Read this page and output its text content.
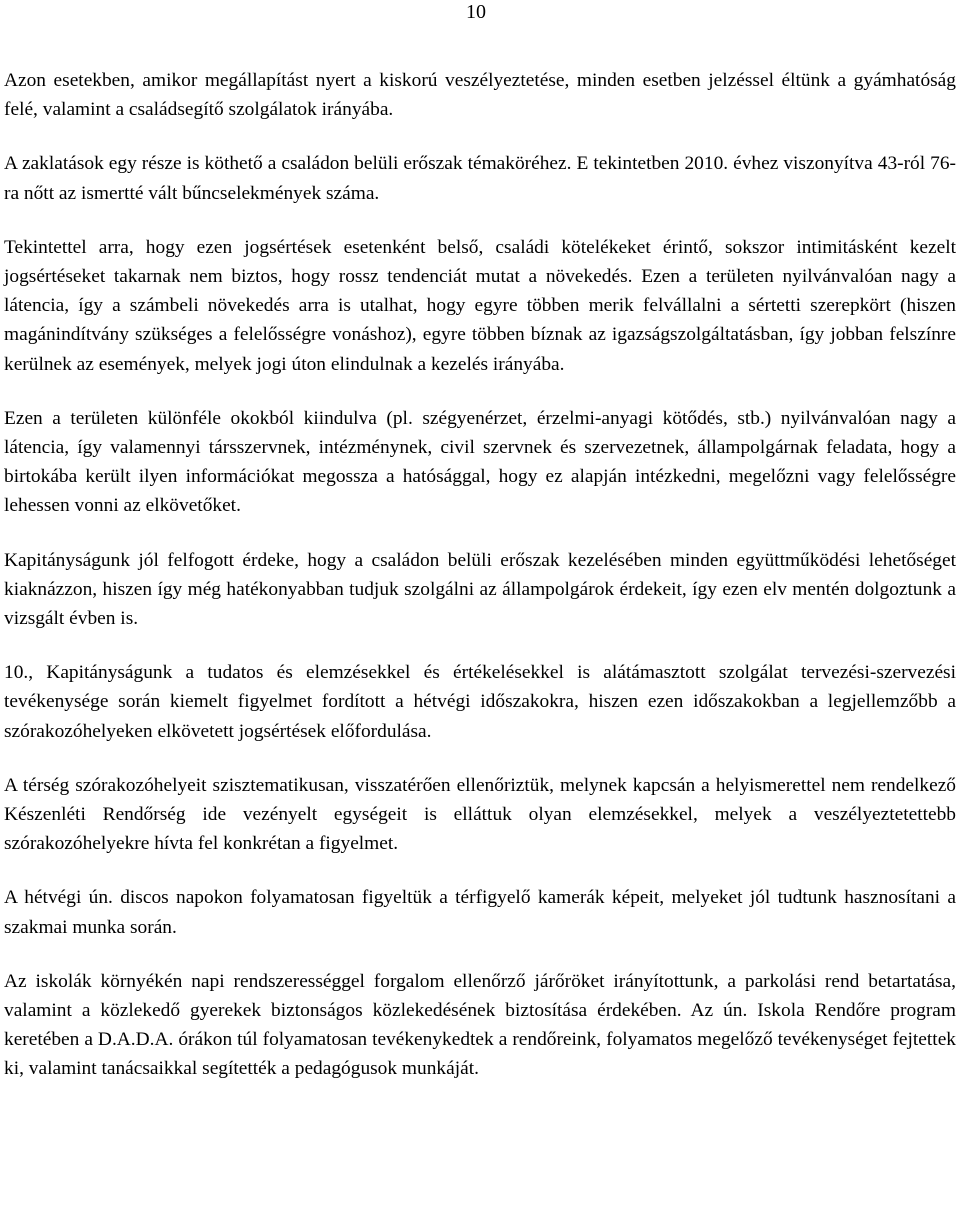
10

Azon esetekben, amikor megállapítást nyert a kiskorú veszélyeztetése, minden esetben jelzéssel éltünk a gyámhatóság felé, valamint a családsegítő szolgálatok irányába.

A zaklatások egy része is köthető a családon belüli erőszak témaköréhez. E tekintetben 2010. évhez viszonyítva 43-ról 76-ra nőtt az ismertté vált bűncselekmények száma.

Tekintettel arra, hogy ezen jogsértések esetenként belső, családi kötelékeket érintő, sokszor intimitásként kezelt jogsértéseket takarnak nem biztos, hogy rossz tendenciát mutat a növekedés. Ezen a területen nyilvánvalóan nagy a látencia, így a számbeli növekedés arra is utalhat, hogy egyre többen merik felvállalni a sértetti szerepkört (hiszen magánindítvány szükséges a felelősségre vonáshoz), egyre többen bíznak az igazságszolgáltatásban, így jobban felszínre kerülnek az események, melyek jogi úton elindulnak a kezelés irányába.

Ezen a területen különféle okokból kiindulva (pl. szégyenérzet, érzelmi-anyagi kötődés, stb.) nyilvánvalóan nagy a látencia, így valamennyi társszervnek, intézménynek, civil szervnek és szervezetnek, állampolgárnak feladata, hogy a birtokába került ilyen információkat megossza a hatósággal, hogy ez alapján intézkedni, megelőzni vagy felelősségre lehessen vonni az elkövetőket.

Kapitányságunk jól felfogott érdeke, hogy a családon belüli erőszak kezelésében minden együttműködési lehetőséget kiaknázzon, hiszen így még hatékonyabban tudjuk szolgálni az állampolgárok érdekeit, így ezen elv mentén dolgoztunk a vizsgált évben is.

10., Kapitányságunk a tudatos és elemzésekkel és értékelésekkel is alátámasztott szolgálat tervezési-szervezési tevékenysége során kiemelt figyelmet fordított a hétvégi időszakokra, hiszen ezen időszakokban a legjellemzőbb a szórakozóhelyeken elkövetett jogsértések előfordulása.

A térség szórakozóhelyeit szisztematikusan, visszatérően ellenőriztük, melynek kapcsán a helyismerettel nem rendelkező Készenléti Rendőrség ide vezényelt egységeit is elláttuk olyan elemzésekkel, melyek a veszélyeztetettebb szórakozóhelyekre hívta fel konkrétan a figyelmet.

A hétvégi ún. discos napokon folyamatosan figyeltük a térfigyelő kamerák képeit, melyeket jól tudtunk hasznosítani a szakmai munka során.

Az iskolák környékén napi rendszerességgel forgalom ellenőrző járőröket irányítottunk, a parkolási rend betartatása, valamint a közlekedő gyerekek biztonságos közlekedésének biztosítása érdekében. Az ún. Iskola Rendőre program keretében a D.A.D.A. órákon túl folyamatosan tevékenykedtek a rendőreink, folyamatos megelőző tevékenységet fejtettek ki, valamint tanácsaikkal segítették a pedagógusok munkáját.
